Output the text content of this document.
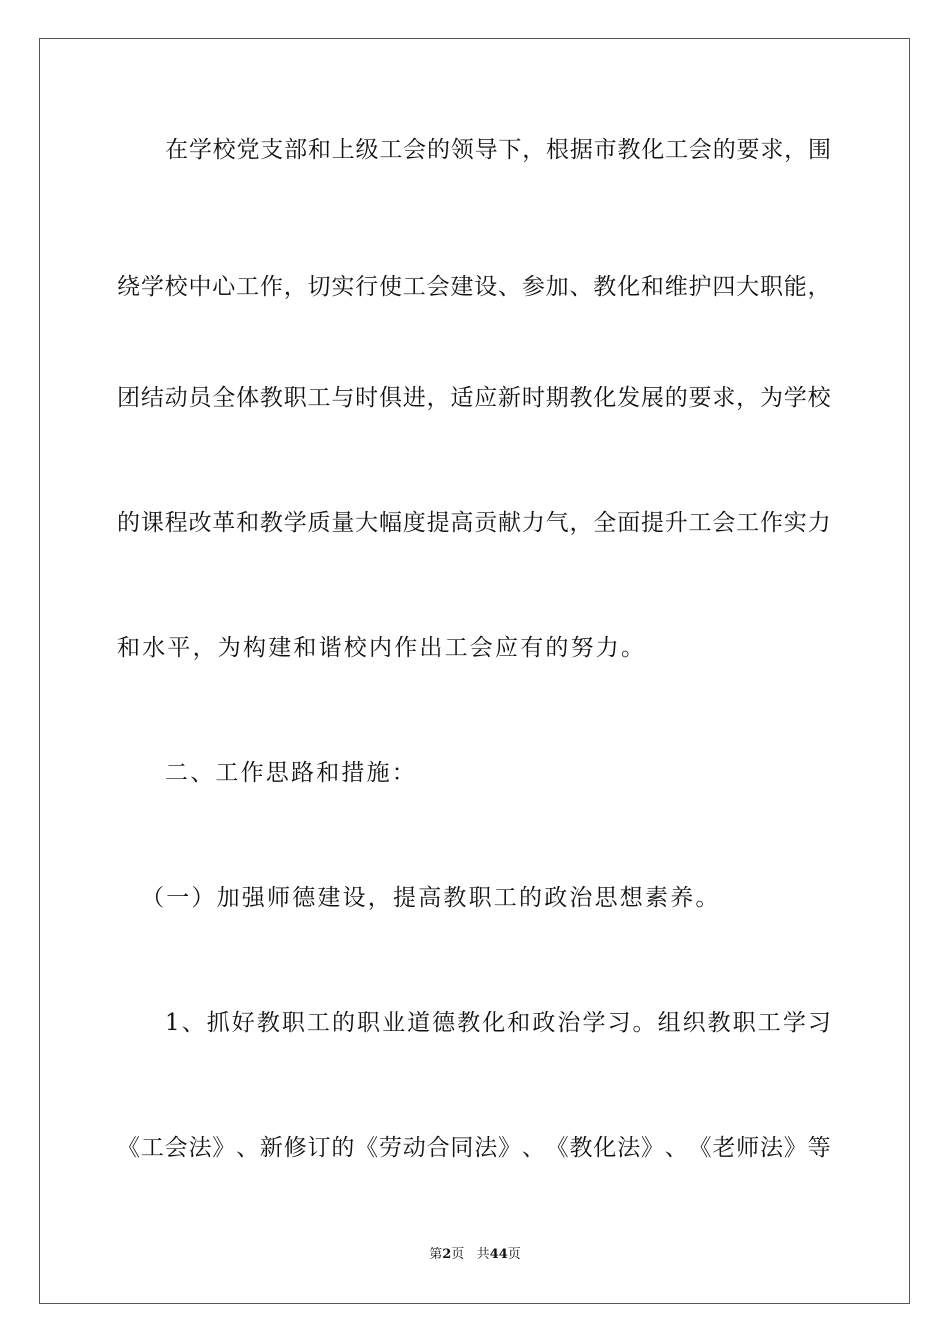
在 学 校 党 支 部 和 上 级 工 会 的 领 导 下 ， 根 据 市 教 化 工 会 的 要 求 ， 围
绕 学 校 中 心 工 作 ， 切 实 行 使 工 会 建 设 、 参 加 、 教 化 和 维 护 四 大 职 能 ，
团 结 动 员 全 体 教 职 工 与 时 俱 进 ， 适 应 新 时 期 教 化 发 展 的 要 求 ， 为 学 校
的 课 程 改 革 和 教 学 质 量 大 幅 度 提 高 贡 献 力 气 ， 全 面 提 升 工 会 工 作 实 力
和水平，为构建和谐校内作出工会应有的努力。
二、工作思路和措施：
（一）加强师德建设，提高教职工的政治思想素养。
1 、 抓 好 教 职 工 的 职 业 道 德 教 化 和 政 治 学 习 。 组 织 教 职 工 学 习
《 工 会 法 》 、 新 修 订 的 《 劳 动 合 同 法 》 、 《 教 化 法 》 、 《 老 师 法 》 等
第2页 共44页
